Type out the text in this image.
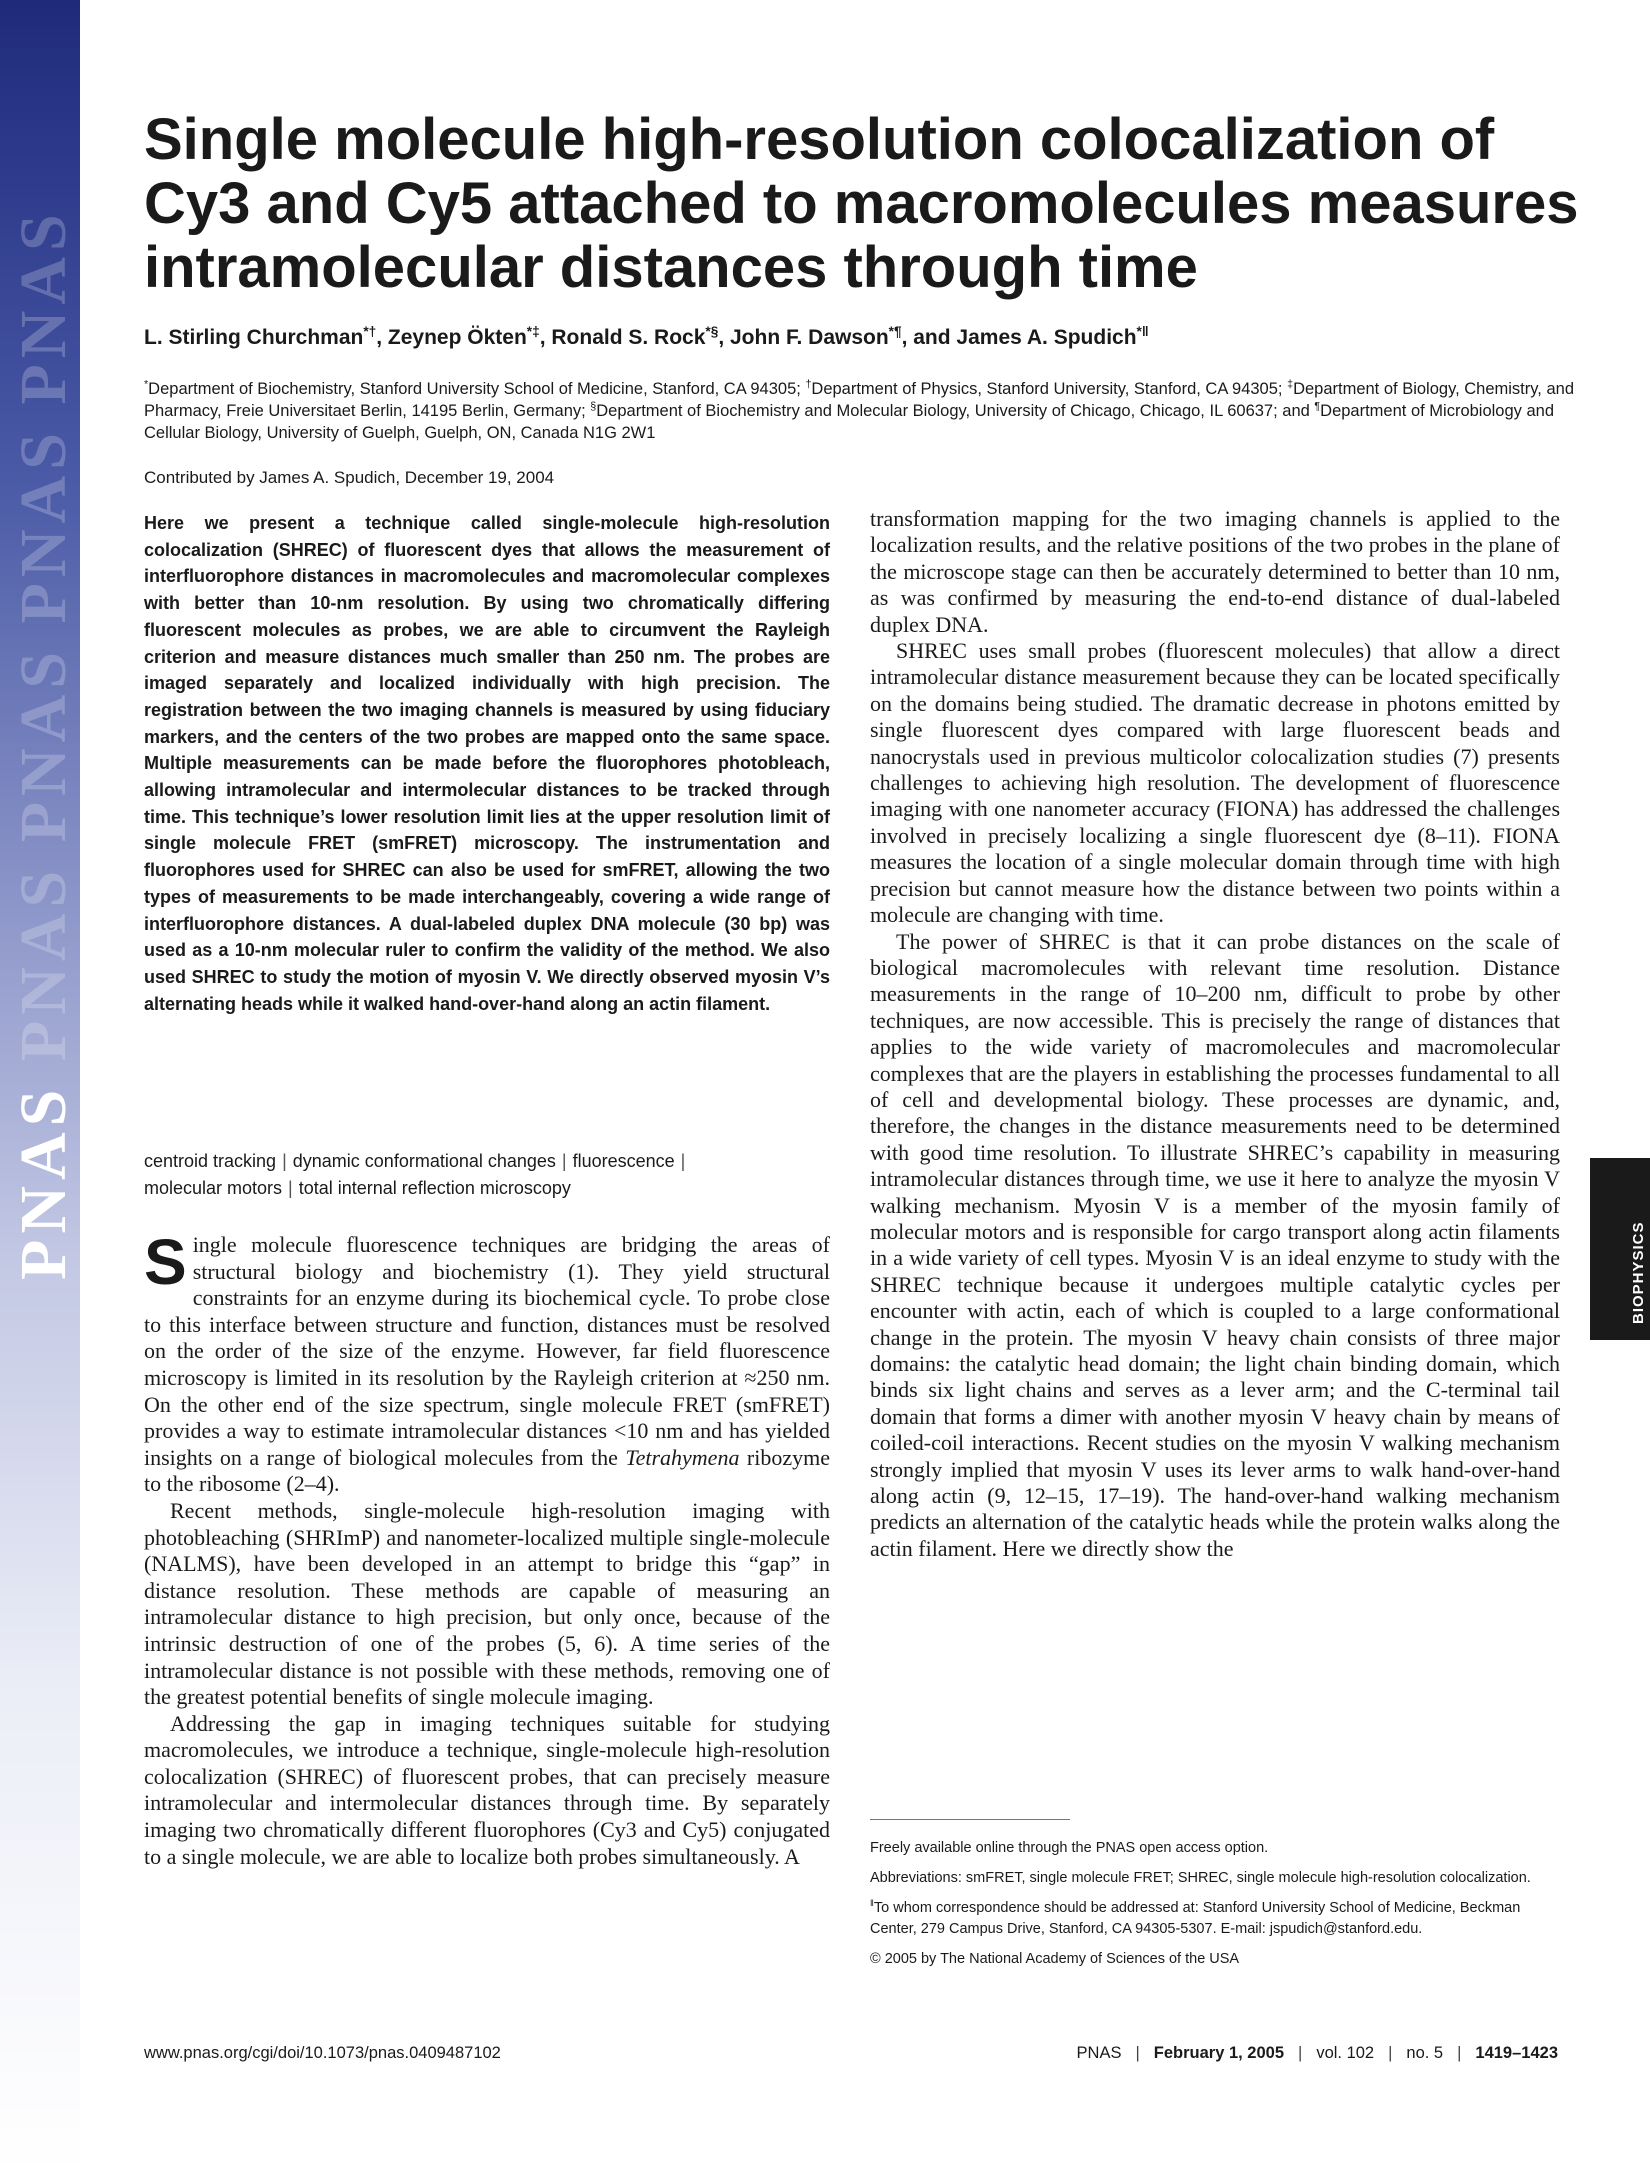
PNAS PNAS PNAS PNAS PNAS
Single molecule high-resolution colocalization of Cy3 and Cy5 attached to macromolecules measures intramolecular distances through time

L. Stirling Churchman*†, Zeynep Ökten*‡, Ronald S. Rock*§, John F. Dawson*¶, and James A. Spudich*‖

*Department of Biochemistry, Stanford University School of Medicine, Stanford, CA 94305; †Department of Physics, Stanford University, Stanford, CA 94305; ‡Department of Biology, Chemistry, and Pharmacy, Freie Universitaet Berlin, 14195 Berlin, Germany; §Department of Biochemistry and Molecular Biology, University of Chicago, Chicago, IL 60637; and ¶Department of Microbiology and Cellular Biology, University of Guelph, Guelph, ON, Canada N1G 2W1

Contributed by James A. Spudich, December 19, 2004

Here we present a technique called single-molecule high-resolution colocalization (SHREC) of fluorescent dyes that allows the measurement of interfluorophore distances in macromolecules and macromolecular complexes with better than 10-nm resolution. By using two chromatically differing fluorescent molecules as probes, we are able to circumvent the Rayleigh criterion and measure distances much smaller than 250 nm. The probes are imaged separately and localized individually with high precision. The registration between the two imaging channels is measured by using fiduciary markers, and the centers of the two probes are mapped onto the same space. Multiple measurements can be made before the fluorophores photobleach, allowing intramolecular and intermolecular distances to be tracked through time. This technique’s lower resolution limit lies at the upper resolution limit of single molecule FRET (smFRET) microscopy. The instrumentation and fluorophores used for SHREC can also be used for smFRET, allowing the two types of measurements to be made interchangeably, covering a wide range of interfluorophore distances. A dual-labeled duplex DNA molecule (30 bp) was used as a 10-nm molecular ruler to confirm the validity of the method. We also used SHREC to study the motion of myosin V. We directly observed myosin V’s alternating heads while it walked hand-over-hand along an actin filament.

centroid tracking | dynamic conformational changes | fluorescence |
molecular motors | total internal reflection microscopy

Single molecule fluorescence techniques are bridging the areas of structural biology and biochemistry (1). They yield structural constraints for an enzyme during its biochemical cycle. To probe close to this interface between structure and function, distances must be resolved on the order of the size of the enzyme. However, far field fluorescence microscopy is limited in its resolution by the Rayleigh criterion at ≈250 nm. On the other end of the size spectrum, single molecule FRET (smFRET) provides a way to estimate intramolecular distances <10 nm and has yielded insights on a range of biological molecules from the Tetrahymena ribozyme to the ribosome (2–4).

Recent methods, single-molecule high-resolution imaging with photobleaching (SHRImP) and nanometer-localized multiple single-molecule (NALMS), have been developed in an attempt to bridge this “gap” in distance resolution. These methods are capable of measuring an intramolecular distance to high precision, but only once, because of the intrinsic destruction of one of the probes (5, 6). A time series of the intramolecular distance is not possible with these methods, removing one of the greatest potential benefits of single molecule imaging.

Addressing the gap in imaging techniques suitable for studying macromolecules, we introduce a technique, single-molecule high-resolution colocalization (SHREC) of fluorescent probes, that can precisely measure intramolecular and intermolecular distances through time. By separately imaging two chromatically different fluorophores (Cy3 and Cy5) conjugated to a single molecule, we are able to localize both probes simultaneously. A

transformation mapping for the two imaging channels is applied to the localization results, and the relative positions of the two probes in the plane of the microscope stage can then be accurately determined to better than 10 nm, as was confirmed by measuring the end-to-end distance of dual-labeled duplex DNA.

SHREC uses small probes (fluorescent molecules) that allow a direct intramolecular distance measurement because they can be located specifically on the domains being studied. The dramatic decrease in photons emitted by single fluorescent dyes compared with large fluorescent beads and nanocrystals used in previous multicolor colocalization studies (7) presents challenges to achieving high resolution. The development of fluorescence imaging with one nanometer accuracy (FIONA) has addressed the challenges involved in precisely localizing a single fluorescent dye (8–11). FIONA measures the location of a single molecular domain through time with high precision but cannot measure how the distance between two points within a molecule are changing with time.

The power of SHREC is that it can probe distances on the scale of biological macromolecules with relevant time resolution. Distance measurements in the range of 10–200 nm, difficult to probe by other techniques, are now accessible. This is precisely the range of distances that applies to the wide variety of macromolecules and macromolecular complexes that are the players in establishing the processes fundamental to all of cell and developmental biology. These processes are dynamic, and, therefore, the changes in the distance measurements need to be determined with good time resolution. To illustrate SHREC’s capability in measuring intramolecular distances through time, we use it here to analyze the myosin V walking mechanism. Myosin V is a member of the myosin family of molecular motors and is responsible for cargo transport along actin filaments in a wide variety of cell types. Myosin V is an ideal enzyme to study with the SHREC technique because it undergoes multiple catalytic cycles per encounter with actin, each of which is coupled to a large conformational change in the protein. The myosin V heavy chain consists of three major domains: the catalytic head domain; the light chain binding domain, which binds six light chains and serves as a lever arm; and the C-terminal tail domain that forms a dimer with another myosin V heavy chain by means of coiled-coil interactions. Recent studies on the myosin V walking mechanism strongly implied that myosin V uses its lever arms to walk hand-over-hand along actin (9, 12–15, 17–19). The hand-over-hand walking mechanism predicts an alternation of the catalytic heads while the protein walks along the actin filament. Here we directly show the

BIOPHYSICS

Freely available online through the PNAS open access option.

Abbreviations: smFRET, single molecule FRET; SHREC, single molecule high-resolution colocalization.

‖To whom correspondence should be addressed at: Stanford University School of Medicine, Beckman Center, 279 Campus Drive, Stanford, CA 94305-5307. E-mail: jspudich@stanford.edu.

© 2005 by The National Academy of Sciences of the USA

www.pnas.org/cgi/doi/10.1073/pnas.0409487102	PNAS | February 1, 2005 | vol. 102 | no. 5 | 1419–1423
